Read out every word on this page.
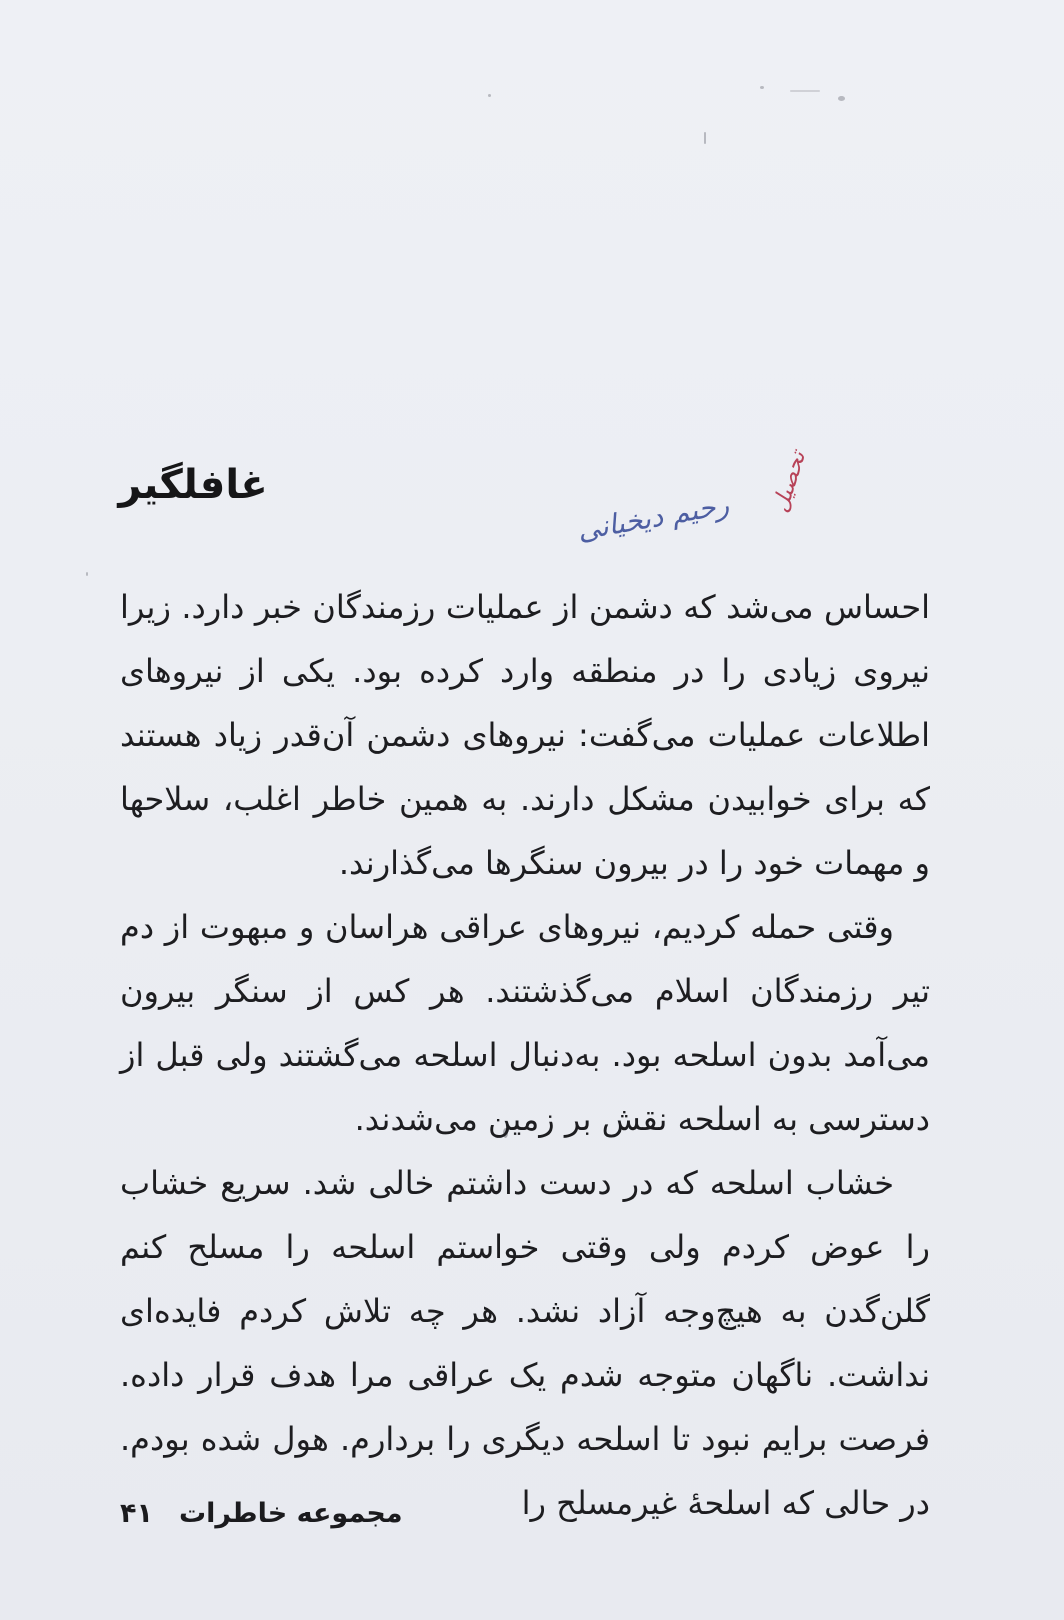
غافلگیر
رحیم دیخیانی
تحصیل

احساس می‌شد که دشمن از عملیات رزمندگان خبر دارد. زیرا نیروی زیادی را در منطقه وارد کرده بود. یکی از نیروهای اطلاعات عملیات می‌گفت: نیروهای دشمن آن‌قدر زیاد هستند که برای خوابیدن مشکل دارند. به همین خاطر اغلب، سلاحها و مهمات خود را در بیرون سنگرها می‌گذارند.

وقتی حمله کردیم، نیروهای عراقی هراسان و مبهوت از دم تیر رزمندگان اسلام می‌گذشتند. هر کس از سنگر بیرون می‌آمد بدون اسلحه بود. به‌دنبال اسلحه می‌گشتند ولی قبل از دسترسی به اسلحه نقش بر زمین می‌شدند.

خشاب اسلحه که در دست داشتم خالی شد. سریع خشاب را عوض کردم ولی وقتی خواستم اسلحه را مسلح کنم گلن‌گدن به هیچ‌وجه آزاد نشد. هر چه تلاش کردم فایده‌ای نداشت. ناگهان متوجه شدم یک عراقی مرا هدف قرار داده. فرصت برایم نبود تا اسلحه دیگری را بردارم. هول شده بودم. در حالی که اسلحهٔ غیرمسلح را

مجموعه خاطرات
۴۱
